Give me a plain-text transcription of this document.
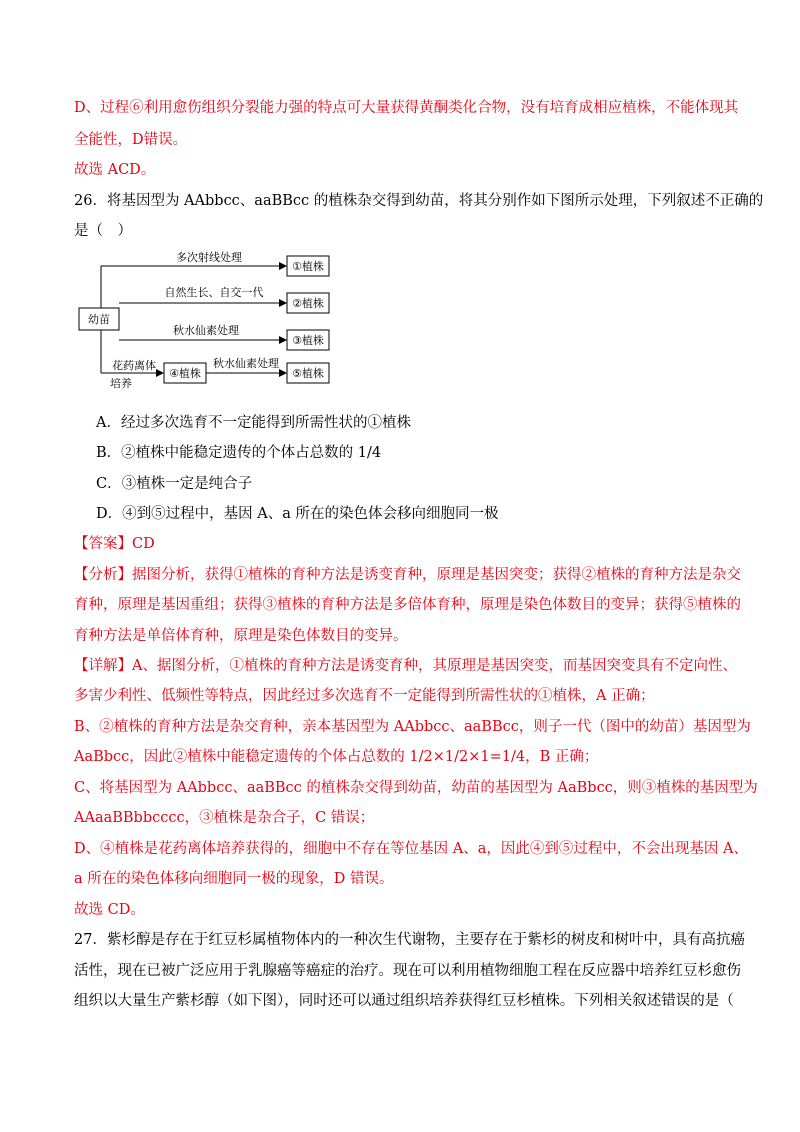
D、过程⑥利用愈伤组织分裂能力强的特点可大量获得黄酮类化合物，没有培育成相应植株，不能体现其
全能性，D错误。
故选 ACD。
26．将基因型为 AAbbcc、aaBBcc 的植株杂交得到幼苗，将其分别作如下图所示处理，下列叙述不正确的
是（　）
幼苗
多次射线处理
①植株
自然生长、自交一代
②植株
秋水仙素处理
③植株
花药离体
培养
④植株
秋水仙素处理
⑤植株
A．经过多次选育不一定能得到所需性状的①植株
B．②植株中能稳定遗传的个体占总数的 1/4
C．③植株一定是纯合子
D．④到⑤过程中，基因 A、a 所在的染色体会移向细胞同一极
【答案】CD
【分析】据图分析，获得①植株的育种方法是诱变育种，原理是基因突变；获得②植株的育种方法是杂交
育种，原理是基因重组；获得③植株的育种方法是多倍体育种，原理是染色体数目的变异；获得⑤植株的
育种方法是单倍体育种，原理是染色体数目的变异。
【详解】A、据图分析，①植株的育种方法是诱变育种，其原理是基因突变，而基因突变具有不定向性、
多害少利性、低频性等特点，因此经过多次选育不一定能得到所需性状的①植株，A 正确；
B、②植株的育种方法是杂交育种，亲本基因型为 AAbbcc、aaBBcc，则子一代（图中的幼苗）基因型为
AaBbcc，因此②植株中能稳定遗传的个体占总数的 1/2×1/2×1=1/4，B 正确；
C、将基因型为 AAbbcc、aaBBcc 的植株杂交得到幼苗，幼苗的基因型为 AaBbcc，则③植株的基因型为
AAaaBBbbcccc，③植株是杂合子，C 错误；
D、④植株是花药离体培养获得的，细胞中不存在等位基因 A、a，因此④到⑤过程中，不会出现基因 A、
a 所在的染色体移向细胞同一极的现象，D 错误。
故选 CD。
27．紫杉醇是存在于红豆杉属植物体内的一种次生代谢物，主要存在于紫杉的树皮和树叶中，具有高抗癌
活性，现在已被广泛应用于乳腺癌等癌症的治疗。现在可以利用植物细胞工程在反应器中培养红豆杉愈伤
组织以大量生产紫杉醇（如下图），同时还可以通过组织培养获得红豆杉植株。下列相关叙述错误的是（
